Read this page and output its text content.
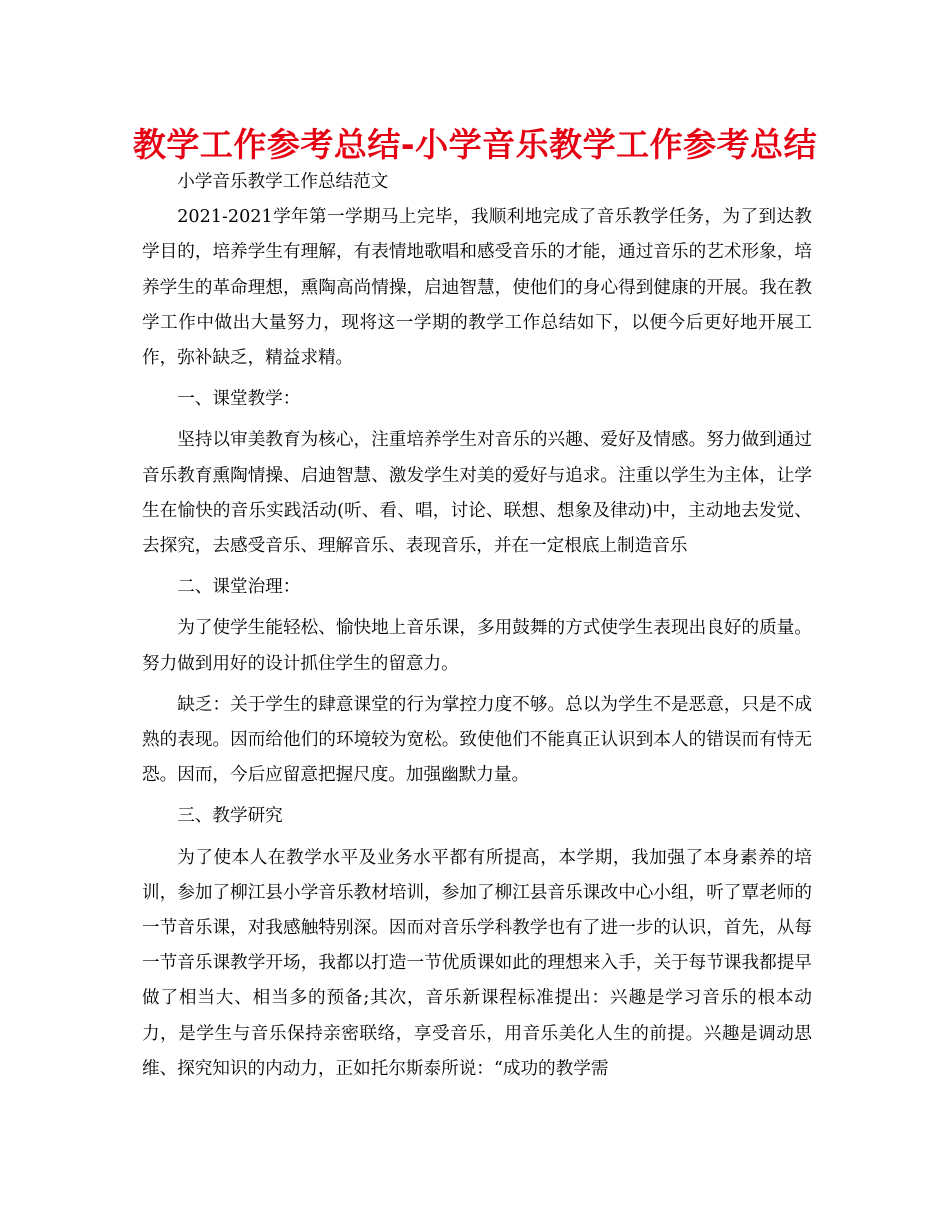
教学工作参考总结-小学音乐教学工作参考总结

小学音乐教学工作总结范文

2021-2021学年第一学期马上完毕，我顺利地完成了音乐教学任务，为了到达教学目的，培养学生有理解，有表情地歌唱和感受音乐的才能，通过音乐的艺术形象，培养学生的革命理想，熏陶高尚情操，启迪智慧，使他们的身心得到健康的开展。我在教学工作中做出大量努力，现将这一学期的教学工作总结如下，以便今后更好地开展工作，弥补缺乏，精益求精。

一、课堂教学：

坚持以审美教育为核心，注重培养学生对音乐的兴趣、爱好及情感。努力做到通过音乐教育熏陶情操、启迪智慧、激发学生对美的爱好与追求。注重以学生为主体，让学生在愉快的音乐实践活动(听、看、唱，讨论、联想、想象及律动)中，主动地去发觉、去探究，去感受音乐、理解音乐、表现音乐，并在一定根底上制造音乐

二、课堂治理：

为了使学生能轻松、愉快地上音乐课，多用鼓舞的方式使学生表现出良好的质量。努力做到用好的设计抓住学生的留意力。

缺乏：关于学生的肆意课堂的行为掌控力度不够。总以为学生不是恶意，只是不成熟的表现。因而给他们的环境较为宽松。致使他们不能真正认识到本人的错误而有恃无恐。因而，今后应留意把握尺度。加强幽默力量。

三、教学研究

为了使本人在教学水平及业务水平都有所提高，本学期，我加强了本身素养的培训，参加了柳江县小学音乐教材培训，参加了柳江县音乐课改中心小组，听了覃老师的一节音乐课，对我感触特别深。因而对音乐学科教学也有了进一步的认识，首先，从每一节音乐课教学开场，我都以打造一节优质课如此的理想来入手，关于每节课我都提早做了相当大、相当多的预备;其次，音乐新课程标准提出：兴趣是学习音乐的根本动力，是学生与音乐保持亲密联络，享受音乐，用音乐美化人生的前提。兴趣是调动思维、探究知识的内动力，正如托尔斯泰所说：“成功的教学需
